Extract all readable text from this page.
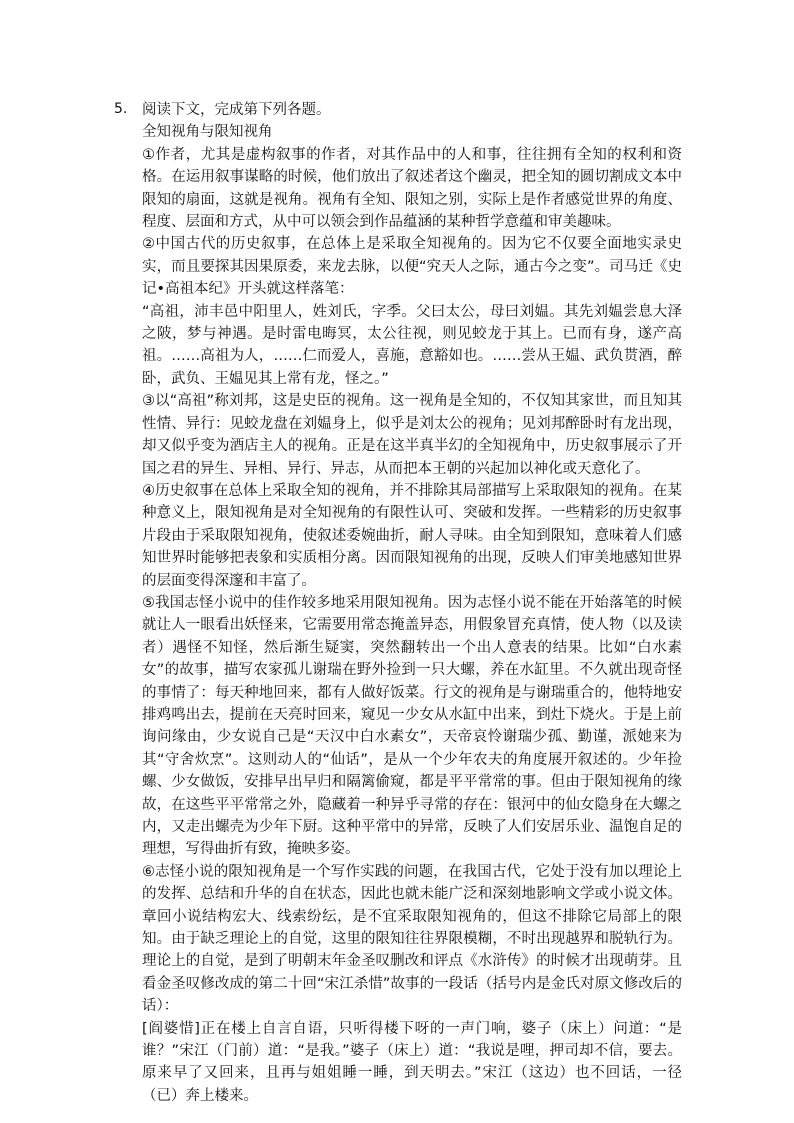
5. 阅读下文，完成第下列各题。

全知视角与限知视角

①作者，尤其是虚构叙事的作者，对其作品中的人和事，往往拥有全知的权利和资格。在运用叙事谋略的时候，他们放出了叙述者这个幽灵，把全知的圆切割成文本中限知的扇面，这就是视角。视角有全知、限知之别，实际上是作者感觉世界的角度、程度、层面和方式，从中可以领会到作品蕴涵的某种哲学意蕴和审美趣味。

②中国古代的历史叙事，在总体上是采取全知视角的。因为它不仅要全面地实录史实，而且要探其因果原委，来龙去脉，以便“究天人之际，通古今之变”。司马迁《史记•高祖本纪》开头就这样落笔：

“高祖，沛丰邑中阳里人，姓刘氏，字季。父曰太公，母曰刘媪。其先刘媪尝息大泽之陂，梦与神遇。是时雷电晦冥，太公往视，则见蛟龙于其上。已而有身，遂产高祖。……高祖为人，……仁而爱人，喜施，意豁如也。……尝从王媪、武负贳酒，醉卧，武负、王媪见其上常有龙，怪之。”

③以“高祖”称刘邦，这是史臣的视角。这一视角是全知的，不仅知其家世，而且知其性情、异行：见蛟龙盘在刘媪身上，似乎是刘太公的视角；见刘邦醉卧时有龙出现，却又似乎变为酒店主人的视角。正是在这半真半幻的全知视角中，历史叙事展示了开国之君的异生、异相、异行、异志，从而把本王朝的兴起加以神化或天意化了。

④历史叙事在总体上采取全知的视角，并不排除其局部描写上采取限知的视角。在某种意义上，限知视角是对全知视角的有限性认可、突破和发挥。一些精彩的历史叙事片段由于采取限知视角，使叙述委婉曲折，耐人寻味。由全知到限知，意味着人们感知世界时能够把表象和实质相分离。因而限知视角的出现，反映人们审美地感知世界的层面变得深邃和丰富了。

⑤我国志怪小说中的佳作较多地采用限知视角。因为志怪小说不能在开始落笔的时候就让人一眼看出妖怪来，它需要用常态掩盖异态，用假象冒充真情，使人物（以及读者）遇怪不知怪，然后渐生疑窦，突然翻转出一个出人意表的结果。比如“白水素女”的故事，描写农家孤儿谢瑞在野外捡到一只大螺，养在水缸里。不久就出现奇怪的事情了：每天种地回来，都有人做好饭菜。行文的视角是与谢瑞重合的，他特地安排鸡鸣出去，提前在天亮时回来，窥见一少女从水缸中出来，到灶下烧火。于是上前询问缘由，少女说自己是“天汉中白水素女”，天帝哀怜谢瑞少孤、勤谨，派她来为其“守舍炊烹”。这则动人的“仙话”，是从一个少年农夫的角度展开叙述的。少年捡螺、少女做饭，安排早出早归和隔篱偷窥，都是平平常常的事。但由于限知视角的缘故，在这些平平常常之外，隐藏着一种异乎寻常的存在：银河中的仙女隐身在大螺之内，又走出螺壳为少年下厨。这种平常中的异常，反映了人们安居乐业、温饱自足的理想，写得曲折有致，掩映多姿。

⑥志怪小说的限知视角是一个写作实践的问题，在我国古代，它处于没有加以理论上的发挥、总结和升华的自在状态，因此也就未能广泛和深刻地影响文学或小说文体。章回小说结构宏大、线索纷纭，是不宜采取限知视角的，但这不排除它局部上的限知。由于缺乏理论上的自觉，这里的限知往往界限模糊，不时出现越界和脱轨行为。理论上的自觉，是到了明朝末年金圣叹删改和评点《水浒传》的时候才出现萌芽。且看金圣叹修改成的第二十回“宋江杀惜”故事的一段话（括号内是金氏对原文修改后的话）：

[阎婆惜]正在楼上自言自语，只听得楼下呀的一声门响，婆子（床上）问道：“是谁？”宋江（门前）道：“是我。”婆子（床上）道：“我说是哩，押司却不信，要去。原来早了又回来，且再与姐姐睡一睡，到天明去。”宋江（这边）也不回话，一径（已）奔上楼来。
